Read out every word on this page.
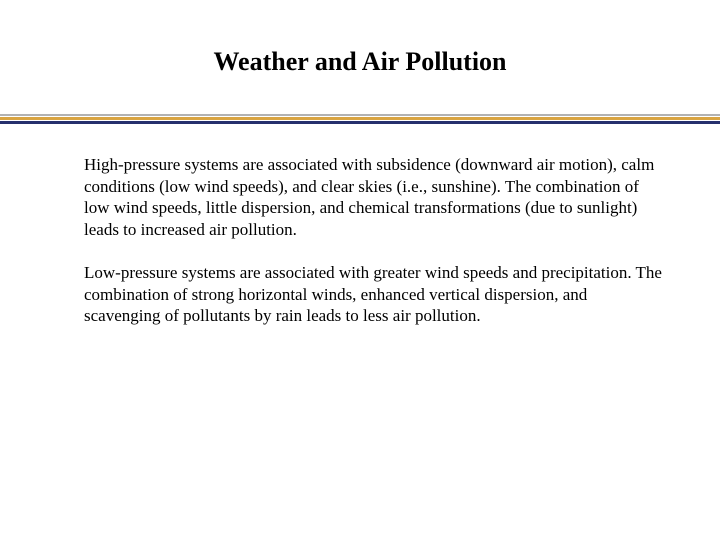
Weather and Air Pollution

High-pressure systems are associated with subsidence (downward air motion), calm conditions (low wind speeds), and clear skies (i.e., sunshine). The combination of low wind speeds, little dispersion, and chemical transformations (due to sunlight) leads to increased air pollution.

Low-pressure systems are associated with greater wind speeds and precipitation. The combination of strong horizontal winds, enhanced vertical dispersion, and scavenging of pollutants by rain leads to less air pollution.
